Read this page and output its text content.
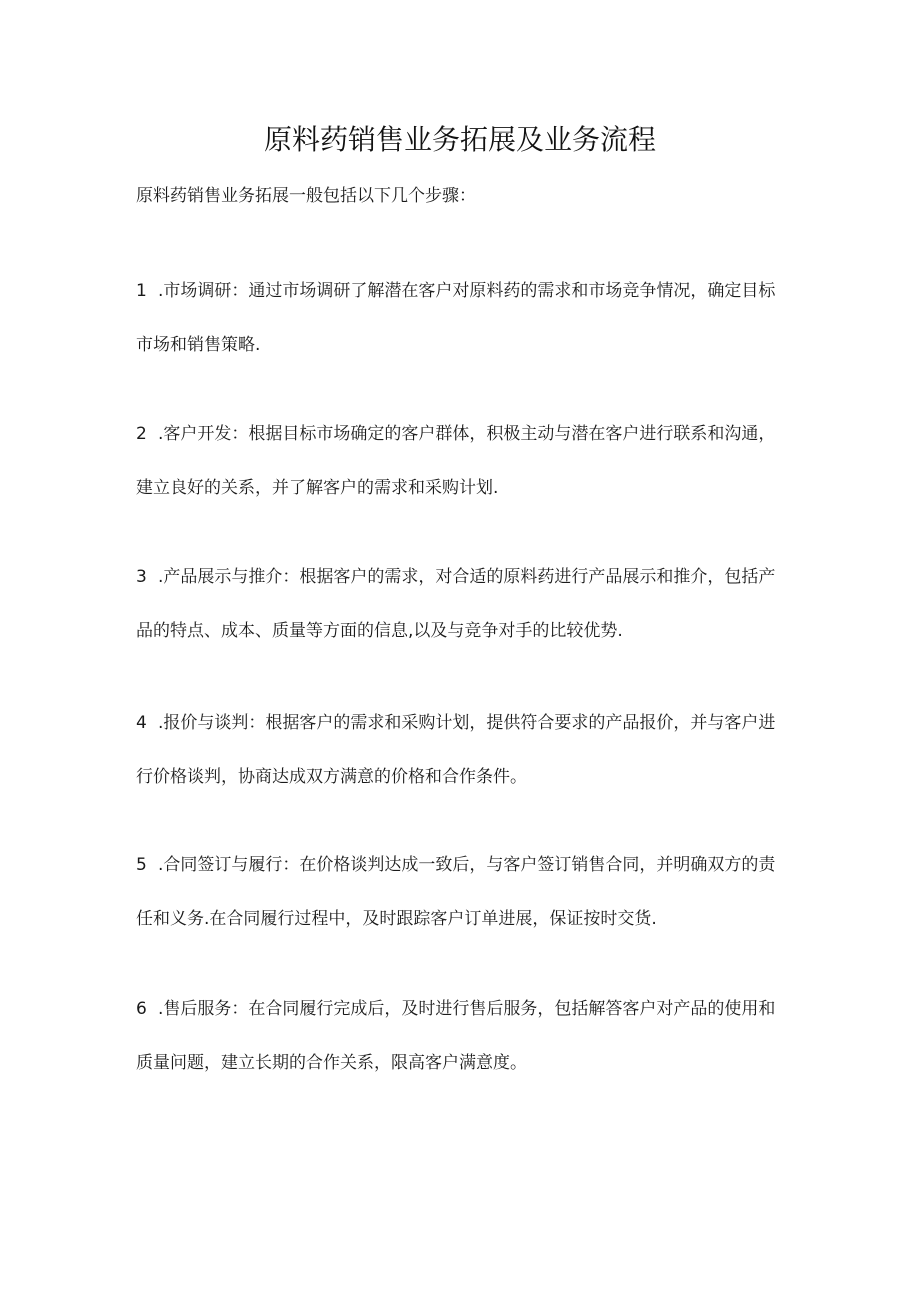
原料药销售业务拓展及业务流程
原料药销售业务拓展一般包括以下几个步骤：
1 .市场调研：通过市场调研了解潜在客户对原料药的需求和市场竞争情况，确定目标
市场和销售策略.
2 .客户开发：根据目标市场确定的客户群体，积极主动与潜在客户进行联系和沟通，
建立良好的关系，并了解客户的需求和采购计划.
3 .产品展示与推介：根据客户的需求，对合适的原料药进行产品展示和推介，包括产
品的特点、成本、质量等方面的信息,以及与竞争对手的比较优势.
4 .报价与谈判：根据客户的需求和采购计划，提供符合要求的产品报价，并与客户进
行价格谈判，协商达成双方满意的价格和合作条件。
5 .合同签订与履行：在价格谈判达成一致后，与客户签订销售合同，并明确双方的责
任和义务.在合同履行过程中，及时跟踪客户订单进展，保证按时交货.
6 .售后服务：在合同履行完成后，及时进行售后服务，包括解答客户对产品的使用和
质量问题，建立长期的合作关系，限高客户满意度。
